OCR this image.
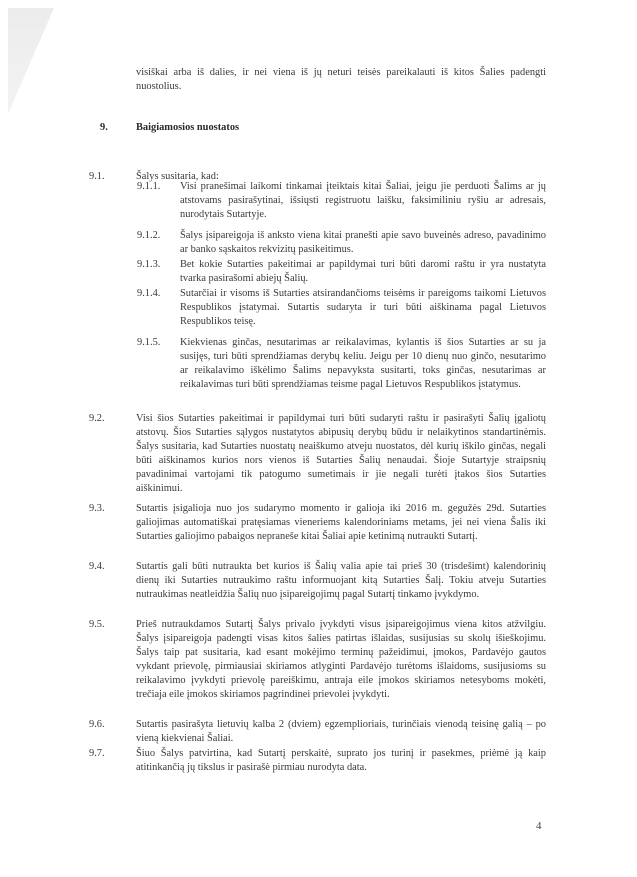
visiškai arba iš dalies, ir nei viena iš jų neturi teisės pareikalauti iš kitos Šalies padengti nuostolius.
9.	Baigiamosios nuostatos
9.1.	Šalys susitaria, kad:
9.1.1. Visi pranešimai laikomi tinkamai įteiktais kitai Šaliai, jeigu jie perduoti Šalims ar jų atstovams pasirašytinai, išsiųsti registruotu laišku, faksimiliniu ryšiu ar adresais, nurodytais Sutartyje.
9.1.2. Šalys įsipareigoja iš anksto viena kitai pranešti apie savo buveinės adreso, pavadinimo ar banko sąskaitos rekvizitų pasikeitimus.
9.1.3. Bet kokie Sutarties pakeitimai ar papildymai turi būti daromi raštu ir yra nustatyta tvarka pasirašomi abiejų Šalių.
9.1.4. Sutarčiai ir visoms iš Sutarties atsirandančioms teisėms ir pareigoms taikomi Lietuvos Respublikos įstatymai. Sutartis sudaryta ir turi būti aiškinama pagal Lietuvos Respublikos teisę.
9.1.5. Kiekvienas ginčas, nesutarimas ar reikalavimas, kylantis iš šios Sutarties ar su ja susijęs, turi būti sprendžiamas derybų keliu. Jeigu per 10 dienų nuo ginčo, nesutarimo ar reikalavimo iškėlimo Šalims nepavyksta susitarti, toks ginčas, nesutarimas ar reikalavimas turi būti sprendžiamas teisme pagal Lietuvos Respublikos įstatymus.
9.2.	Visi šios Sutarties pakeitimai ir papildymai turi būti sudaryti raštu ir pasirašyti Šalių įgaliotų atstovų. Šios Sutarties sąlygos nustatytos abipusių derybų būdu ir nelaikytinos standartinėmis. Šalys susitaria, kad Sutarties nuostatų neaiškumo atveju nuostatos, dėl kurių iškilo ginčas, negali būti aiškinamos kurios nors vienos iš Sutarties Šalių nenaudai. Šioje Sutartyje straipsnių pavadinimai vartojami tik patogumo sumetimais ir jie negali turėti įtakos šios Sutarties aiškinimui.
9.3.	Sutartis įsigalioja nuo jos sudarymo momento ir galioja iki 2016 m. gegužės 29d. Sutarties galiojimas automatiškai pratęsiamas vieneriems kalendoriniams metams, jei nei viena Šalis iki Sutarties galiojimo pabaigos nepraneše kitai Šaliai apie ketinimą nutraukti Sutartį.
9.4.	Sutartis gali būti nutraukta bet kurios iš Šalių valia apie tai prieš 30 (trisdešimt) kalendorinių dienų iki Sutarties nutraukimo raštu informuojant kitą Sutarties Šalį. Tokiu atveju Sutarties nutraukimas neatleidžia Šalių nuo įsipareigojimų pagal Sutartį tinkamo įvykdymo.
9.5.	Prieš nutraukdamos Sutartį Šalys privalo įvykdyti visus įsipareigojimus viena kitos atžvilgiu. Šalys įsipareigoja padengti visas kitos šalies patirtas išlaidas, susijusias su skolų išieškojimu. Šalys taip pat susitaria, kad esant mokėjimo terminų pažeidimui, įmokos, Pardavėjo gautos vykdant prievolę, pirmiausiai skiriamos atlyginti Pardavėjo turėtoms išlaidoms, susijusioms su reikalavimo įvykdyti prievolę pareiškimu, antraja eile įmokos skiriamos netesyboms mokėti, trečiaja eile įmokos skiriamos pagrindinei prievolei įvykdyti.
9.6.	Sutartis pasirašyta lietuvių kalba 2 (dviem) egzemplioriais, turinčiais vienodą teisinę galią – po vieną kiekvienai Šaliai.
9.7.	Šiuo Šalys patvirtina, kad Sutartį perskaitė, suprato jos turinį ir pasekmes, priėmė ją kaip atitinkančią jų tikslus ir pasirašė pirmiau nurodyta data.
4
